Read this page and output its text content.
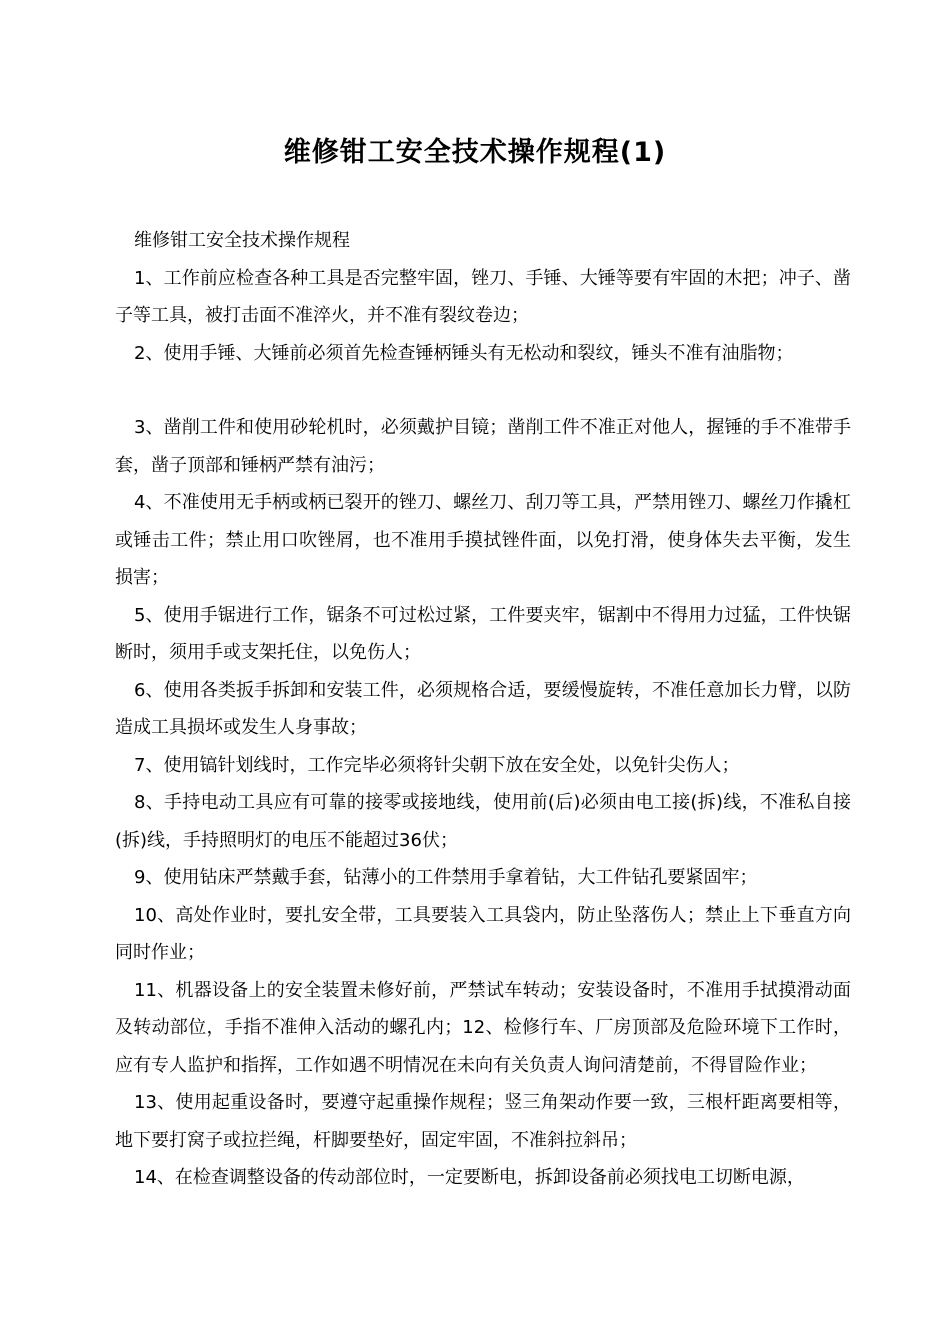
维修钳工安全技术操作规程(1)

维修钳工安全技术操作规程

1、工作前应检查各种工具是否完整牢固，锉刀、手锤、大锤等要有牢固的木把；冲子、凿子等工具，被打击面不准淬火，并不准有裂纹卷边；

2、使用手锤、大锤前必须首先检查锤柄锤头有无松动和裂纹，锤头不准有油脂物；

3、凿削工件和使用砂轮机时，必须戴护目镜；凿削工件不准正对他人，握锤的手不准带手套，凿子顶部和锤柄严禁有油污；

4、不准使用无手柄或柄已裂开的锉刀、螺丝刀、刮刀等工具，严禁用锉刀、螺丝刀作撬杠或锤击工件；禁止用口吹锉屑，也不准用手摸拭锉件面，以免打滑，使身体失去平衡，发生损害；

5、使用手锯进行工作，锯条不可过松过紧，工件要夹牢，锯割中不得用力过猛，工件快锯断时，须用手或支架托住，以免伤人；

6、使用各类扳手拆卸和安装工件，必须规格合适，要缓慢旋转，不准任意加长力臂，以防造成工具损坏或发生人身事故；

7、使用镐针划线时，工作完毕必须将针尖朝下放在安全处，以免针尖伤人；

8、手持电动工具应有可靠的接零或接地线，使用前(后)必须由电工接(拆)线，不准私自接(拆)线，手持照明灯的电压不能超过36伏；

9、使用钻床严禁戴手套，钻薄小的工件禁用手拿着钻，大工件钻孔要紧固牢；

10、高处作业时，要扎安全带，工具要装入工具袋内，防止坠落伤人；禁止上下垂直方向同时作业；

11、机器设备上的安全装置未修好前，严禁试车转动；安装设备时，不准用手拭摸滑动面及转动部位，手指不准伸入活动的螺孔内；12、检修行车、厂房顶部及危险环境下工作时，应有专人监护和指挥，工作如遇不明情况在未向有关负责人询问清楚前，不得冒险作业；

13、使用起重设备时，要遵守起重操作规程；竖三角架动作要一致，三根杆距离要相等，地下要打窝子或拉拦绳，杆脚要垫好，固定牢固，不准斜拉斜吊；

14、在检查调整设备的传动部位时，一定要断电，拆卸设备前必须找电工切断电源，
